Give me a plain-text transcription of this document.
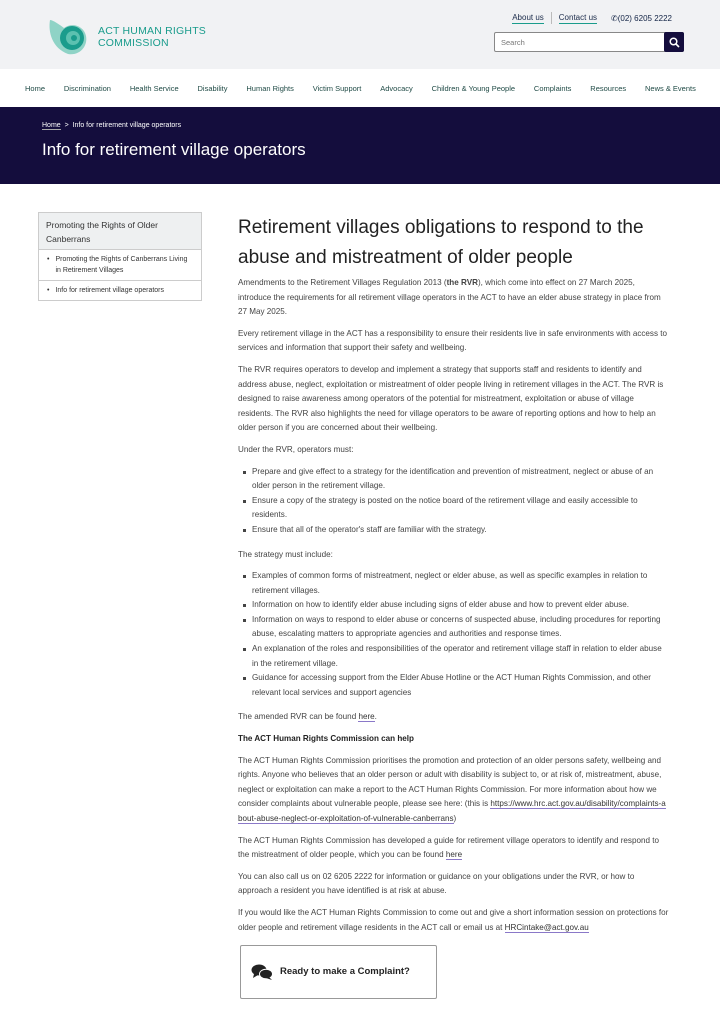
ACT HUMAN RIGHTS
COMMISSION
About us Contact us ✆(02) 6205 2222
Search
Home	Discrimination	Health Service	Disability	Human Rights	Victim Support	Advocacy	Children & Young People	Complaints	Resources	News & Events
Home > Info for retirement village operators
Info for retirement village operators
Promoting the Rights of Older Canberrans
• Promoting the Rights of Canberrans Living in Retirement Villages
• Info for retirement village operators
Retirement villages obligations to respond to the abuse and mistreatment of older people

Amendments to the Retirement Villages Regulation 2013 (the RVR), which come into effect on 27 March 2025, introduce the requirements for all retirement village operators in the ACT to have an elder abuse strategy in place from 27 May 2025.

Every retirement village in the ACT has a responsibility to ensure their residents live in safe environments with access to services and information that support their safety and wellbeing.

The RVR requires operators to develop and implement a strategy that supports staff and residents to identify and address abuse, neglect, exploitation or mistreatment of older people living in retirement villages in the ACT. The RVR is designed to raise awareness among operators of the potential for mistreatment, exploitation or abuse of village residents. The RVR also highlights the need for village operators to be aware of reporting options and how to help an older person if you are concerned about their wellbeing.

Under the RVR, operators must:

Prepare and give effect to a strategy for the identification and prevention of mistreatment, neglect or abuse of an older person in the retirement village.
Ensure a copy of the strategy is posted on the notice board of the retirement village and easily accessible to residents.
Ensure that all of the operator's staff are familiar with the strategy.

The strategy must include:

Examples of common forms of mistreatment, neglect or elder abuse, as well as specific examples in relation to retirement villages.
Information on how to identify elder abuse including signs of elder abuse and how to prevent elder abuse.
Information on ways to respond to elder abuse or concerns of suspected abuse, including procedures for reporting abuse, escalating matters to appropriate agencies and authorities and response times.
An explanation of the roles and responsibilities of the operator and retirement village staff in relation to elder abuse in the retirement village.
Guidance for accessing support from the Elder Abuse Hotline or the ACT Human Rights Commission, and other relevant local services and support agencies

The amended RVR can be found here.

The ACT Human Rights Commission can help

The ACT Human Rights Commission prioritises the promotion and protection of an older persons safety, wellbeing and rights. Anyone who believes that an older person or adult with disability is subject to, or at risk of, mistreatment, abuse, neglect or exploitation can make a report to the ACT Human Rights Commission. For more information about how we consider complaints about vulnerable people, please see here: (this is https://www.hrc.act.gov.au/disability/complaints-about-abuse-neglect-or-exploitation-of-vulnerable-canberrans)

The ACT Human Rights Commission has developed a guide for retirement village operators to identify and respond to the mistreatment of older people, which you can be found here

You can also call us on 02 6205 2222 for information or guidance on your obligations under the RVR, or how to approach a resident you have identified is at risk at abuse.

If you would like the ACT Human Rights Commission to come out and give a short information session on protections for older people and retirement village residents in the ACT call or email us at HRCintake@act.gov.au

Ready to make a Complaint?
